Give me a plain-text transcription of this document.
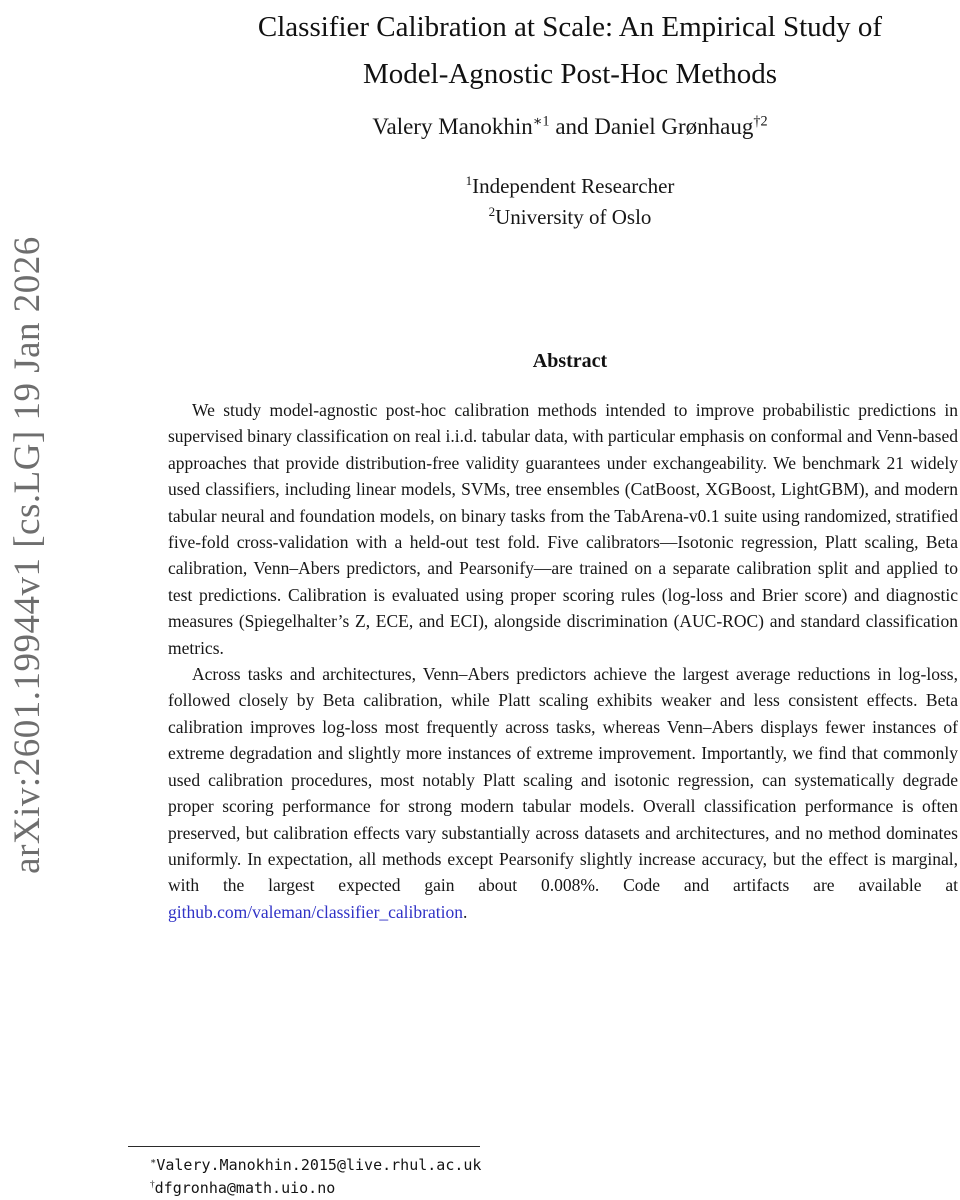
arXiv:2601.19944v1 [cs.LG] 19 Jan 2026
Classifier Calibration at Scale: An Empirical Study of
Model-Agnostic Post-Hoc Methods
Valery Manokhin$^{∗1}$ and Daniel Grønhaug$^{\dagger 2}$
$^1$Independent Researcher
$^2$University of Oslo
Abstract

We study model-agnostic post-hoc calibration methods intended to improve probabilistic predictions in supervised binary classification on real i.i.d. tabular data, with particular emphasis on conformal and Venn-based approaches that provide distribution-free validity guarantees under exchangeability. We benchmark 21 widely used classifiers, including linear models, SVMs, tree ensembles (CatBoost, XGBoost, LightGBM), and modern tabular neural and foundation models, on binary tasks from the TabArena-v0.1 suite using randomized, stratified five-fold cross-validation with a held-out test fold. Five calibrators—Isotonic regression, Platt scaling, Beta calibration, Venn–Abers predictors, and Pearsonify—are trained on a separate calibration split and applied to test predictions. Calibration is evaluated using proper scoring rules (log-loss and Brier score) and diagnostic measures (Spiegelhalter’s Z, ECE, and ECI), alongside discrimination (AUC-ROC) and standard classification metrics.

Across tasks and architectures, Venn–Abers predictors achieve the largest average reductions in log-loss, followed closely by Beta calibration, while Platt scaling exhibits weaker and less consistent effects. Beta calibration improves log-loss most frequently across tasks, whereas Venn–Abers displays fewer instances of extreme degradation and slightly more instances of extreme improvement. Importantly, we find that commonly used calibration procedures, most notably Platt scaling and isotonic regression, can systematically degrade proper scoring performance for strong modern tabular models. Overall classification performance is often preserved, but calibration effects vary substantially across datasets and architectures, and no method dominates uniformly. In expectation, all methods except Pearsonify slightly increase accuracy, but the effect is marginal, with the largest expected gain about 0.008%. Code and artifacts are available at github.com/valeman/classifier_calibration.

∗Valery.Manokhin.2015@live.rhul.ac.uk
†dfgronha@math.uio.no
